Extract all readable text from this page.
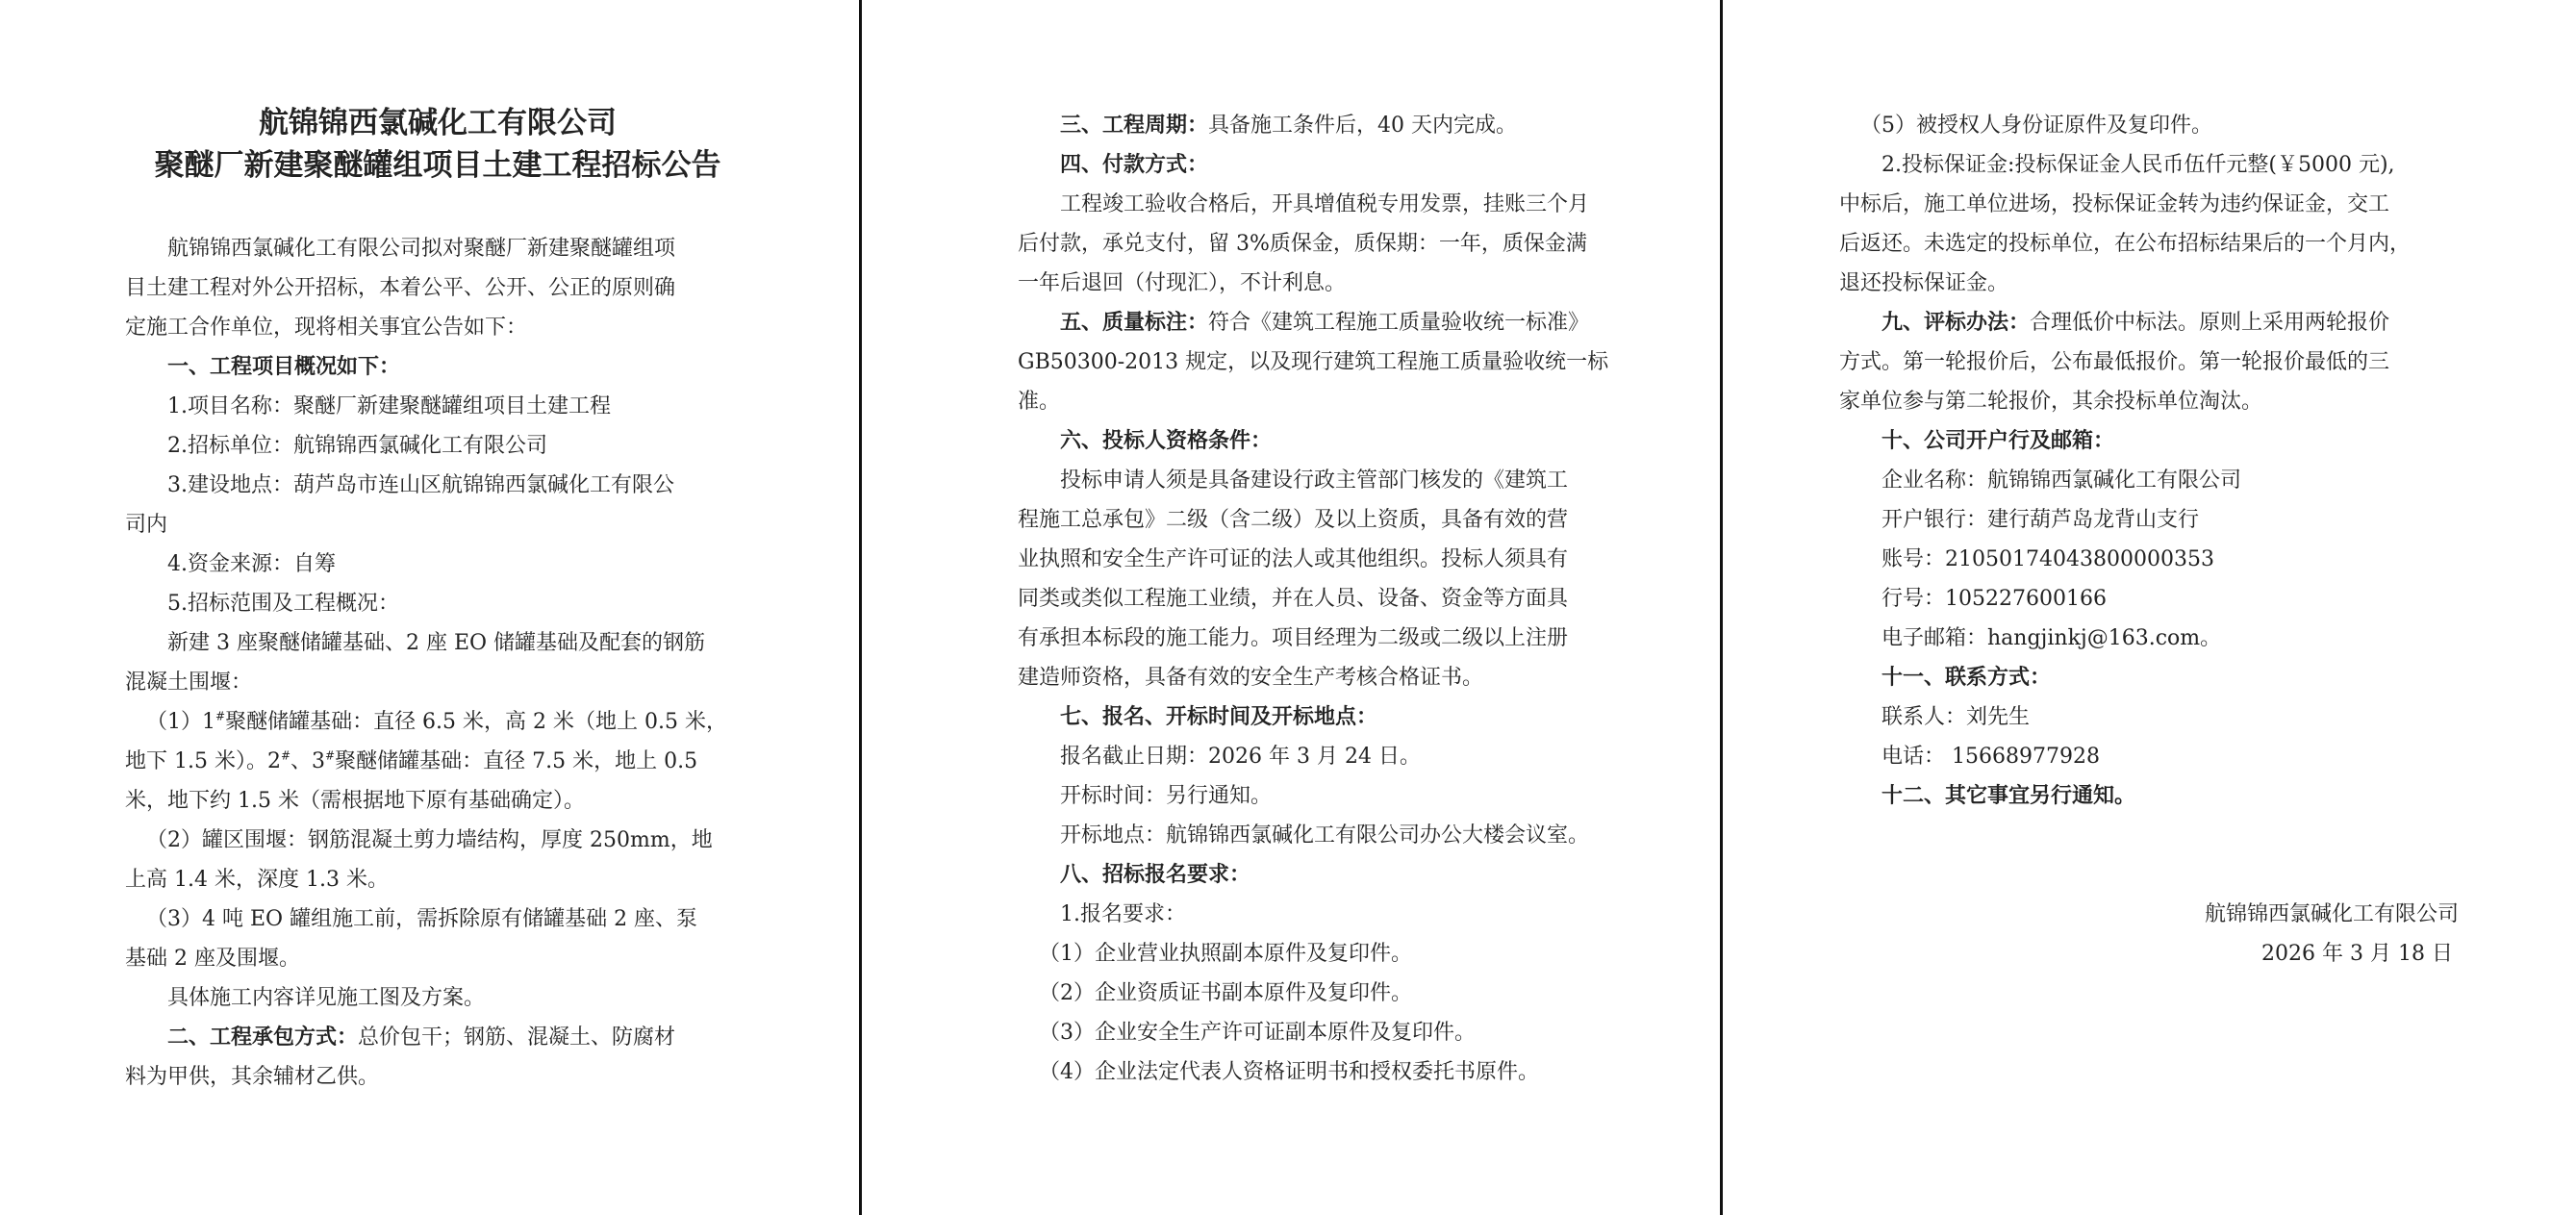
航锦锦西氯碱化工有限公司
聚醚厂新建聚醚罐组项目土建工程招标公告

航锦锦西氯碱化工有限公司拟对聚醚厂新建聚醚罐组项

目土建工程对外公开招标，本着公平、公开、公正的原则确

定施工合作单位，现将相关事宜公告如下：

一、工程项目概况如下：

1.项目名称：聚醚厂新建聚醚罐组项目土建工程

2.招标单位：航锦锦西氯碱化工有限公司

3.建设地点：葫芦岛市连山区航锦锦西氯碱化工有限公

司内

4.资金来源：自筹

5.招标范围及工程概况：

新建 3 座聚醚储罐基础、2 座 EO 储罐基础及配套的钢筋

混凝土围堰：

（1）1#聚醚储罐基础：直径 6.5 米，高 2 米（地上 0.5 米，

地下 1.5 米）。2#、3#聚醚储罐基础：直径 7.5 米，地上 0.5

米，地下约 1.5 米（需根据地下原有基础确定）。

（2）罐区围堰：钢筋混凝土剪力墙结构，厚度 250mm，地

上高 1.4 米，深度 1.3 米。

（3）4 吨 EO 罐组施工前，需拆除原有储罐基础 2 座、泵

基础 2 座及围堰。

具体施工内容详见施工图及方案。

二、工程承包方式：总价包干；钢筋、混凝土、防腐材

料为甲供，其余辅材乙供。

三、工程周期：具备施工条件后，40 天内完成。

四、付款方式：

工程竣工验收合格后，开具增值税专用发票，挂账三个月

后付款，承兑支付，留 3%质保金，质保期：一年，质保金满

一年后退回（付现汇），不计利息。

五、质量标注：符合《建筑工程施工质量验收统一标准》

GB50300-2013 规定，以及现行建筑工程施工质量验收统一标

准。

六、投标人资格条件：

投标申请人须是具备建设行政主管部门核发的《建筑工

程施工总承包》二级（含二级）及以上资质，具备有效的营

业执照和安全生产许可证的法人或其他组织。投标人须具有

同类或类似工程施工业绩，并在人员、设备、资金等方面具

有承担本标段的施工能力。项目经理为二级或二级以上注册

建造师资格，具备有效的安全生产考核合格证书。

七、报名、开标时间及开标地点：

报名截止日期：2026 年 3 月 24 日。

开标时间：另行通知。

开标地点：航锦锦西氯碱化工有限公司办公大楼会议室。

八、招标报名要求：

1.报名要求：

（1）企业营业执照副本原件及复印件。

（2）企业资质证书副本原件及复印件。

（3）企业安全生产许可证副本原件及复印件。

（4）企业法定代表人资格证明书和授权委托书原件。

（5）被授权人身份证原件及复印件。

2.投标保证金:投标保证金人民币伍仟元整(￥5000 元),

中标后，施工单位进场，投标保证金转为违约保证金，交工

后返还。未选定的投标单位，在公布招标结果后的一个月内，

退还投标保证金。

九、评标办法：合理低价中标法。原则上采用两轮报价

方式。第一轮报价后，公布最低报价。第一轮报价最低的三

家单位参与第二轮报价，其余投标单位淘汰。

十、公司开户行及邮箱：

企业名称：航锦锦西氯碱化工有限公司

开户银行：建行葫芦岛龙背山支行

账号：21050174043800000353

行号：105227600166

电子邮箱：hangjinkj@163.com。

十一、联系方式：

联系人：刘先生

电话： 15668977928

十二、其它事宜另行通知。

航锦锦西氯碱化工有限公司

2026 年 3 月 18 日
